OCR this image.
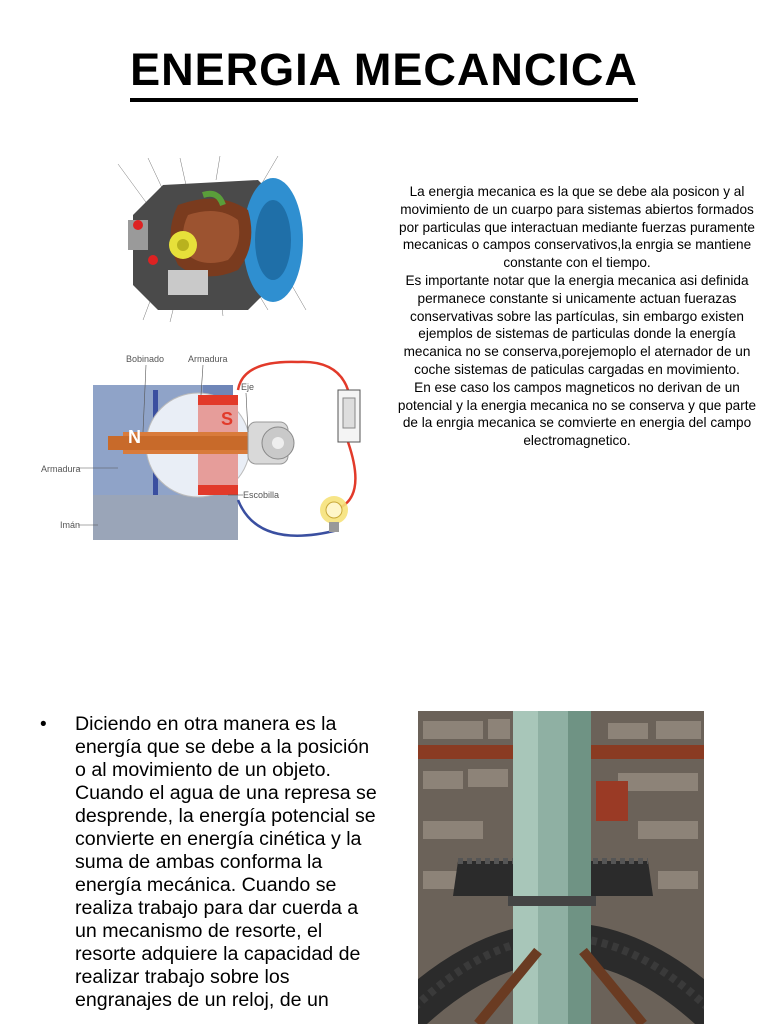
ENERGIA MECANCICA
N
S
Bobinado	Armadura
Eje
Armadura
Escobilla
Imán

La energia mecanica es la que se debe ala posicon y al movimiento de un cuarpo para sistemas abiertos formados por particulas que interactuan mediante fuerzas puramente mecanicas o campos conservativos,la enrgia se mantiene constante con el tiempo.

Es importante notar que la energia mecanica asi definida permanece constante si unicamente actuan fuerazas conservativas sobre las partículas, sin embargo existen ejemplos de sistemas de particulas donde la energía mecanica no se conserva,porejemoplo el aternador de un coche sistemas de paticulas cargadas en movimiento.

En ese caso los campos magneticos no derivan de un potencial y la energia mecanica no se conserva y que parte de la enrgia mecanica se comvierte en energia del campo electromagnetico.

• Diciendo en otra manera es la energía que se debe a la posición o al movimiento de un objeto. Cuando el agua de una represa se desprende, la energía potencial se convierte en energía cinética y la suma de ambas conforma la energía mecánica. Cuando se realiza trabajo para dar cuerda a un mecanismo de resorte, el resorte adquiere la capacidad de realizar trabajo sobre los engranajes de un reloj, de un
